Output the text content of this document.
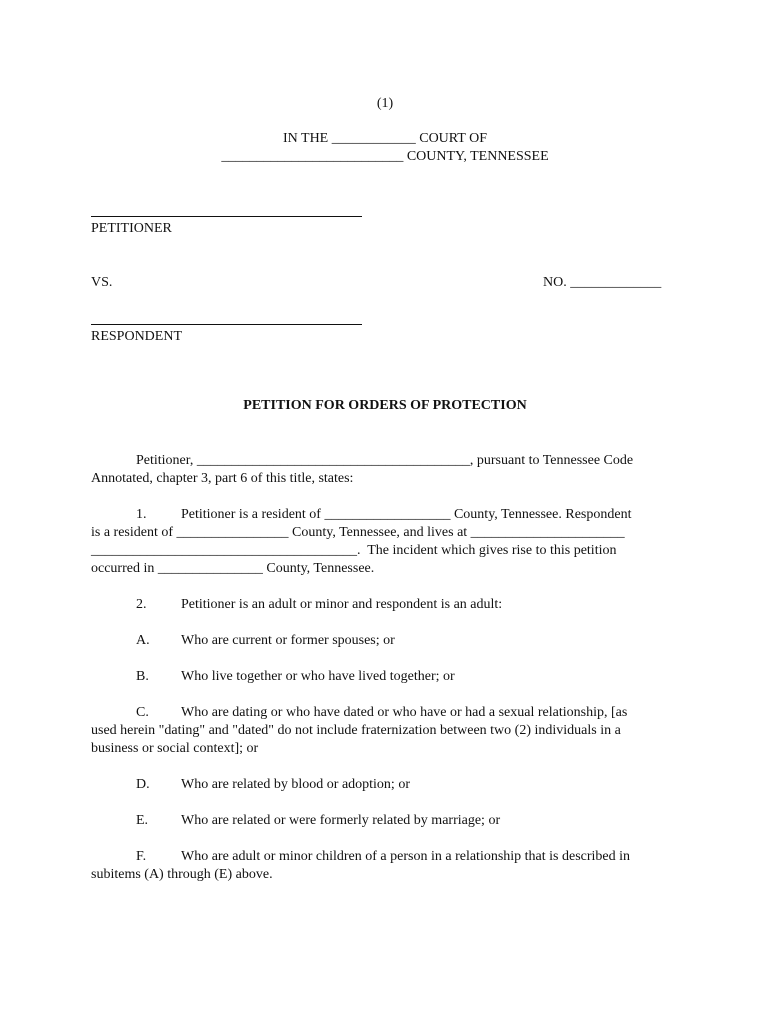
(1)
IN THE ____________ COURT OF
__________________________ COUNTY, TENNESSEE
PETITIONER
VS.	NO. _____________
RESPONDENT
PETITION FOR ORDERS OF PROTECTION
Petitioner, _______________________________________, pursuant to Tennessee Code
Annotated, chapter 3, part 6 of this title, states:
1. Petitioner is a resident of __________________ County, Tennessee. Respondent
is a resident of ________________ County, Tennessee, and lives at ______________________
______________________________________.  The incident which gives rise to this petition
occurred in _______________ County, Tennessee.
2. Petitioner is an adult or minor and respondent is an adult:
A. Who are current or former spouses; or
B. Who live together or who have lived together; or
C. Who are dating or who have dated or who have or had a sexual relationship, [as
used herein "dating" and "dated" do not include fraternization between two (2) individuals in a
business or social context]; or
D. Who are related by blood or adoption; or
E. Who are related or were formerly related by marriage; or
F. Who are adult or minor children of a person in a relationship that is described in
subitems (A) through (E) above.
